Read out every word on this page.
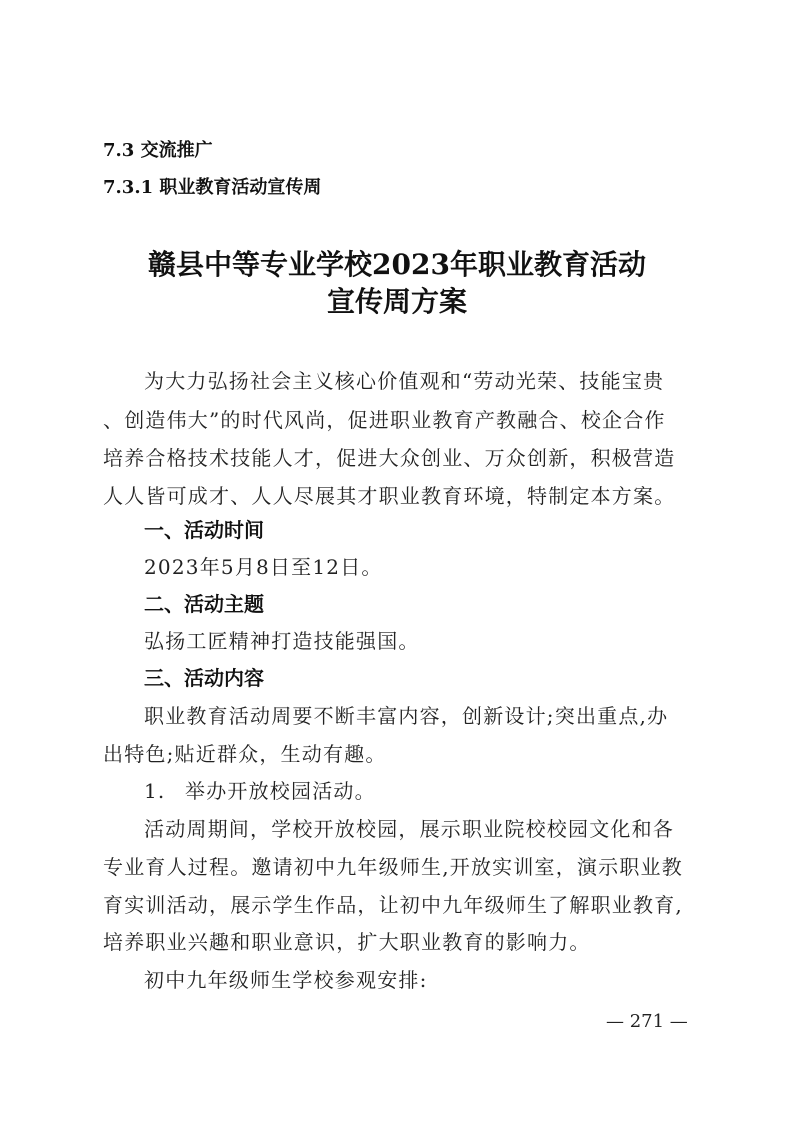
7.3 交流推广
7.3.1 职业教育活动宣传周
赣县中等专业学校2023年职业教育活动
宣传周方案
为大力弘扬社会主义核心价值观和“劳动光荣、技能宝贵
、创造伟大”的时代风尚，促进职业教育产教融合、校企合作
培养合格技术技能人才，促进大众创业、万众创新，积极营造
人人皆可成才、人人尽展其才职业教育环境，特制定本方案。
一、活动时间
2023年5月8日至12日。
二、活动主题
弘扬工匠精神打造技能强国。
三、活动内容
职业教育活动周要不断丰富内容，创新设计;突出重点,办
出特色;贴近群众，生动有趣。
1. 举办开放校园活动。
活动周期间，学校开放校园，展示职业院校校园文化和各
专业育人过程。邀请初中九年级师生,开放实训室，演示职业教
育实训活动，展示学生作品，让初中九年级师生了解职业教育,
培养职业兴趣和职业意识，扩大职业教育的影响力。
初中九年级师生学校参观安排:
— 271 —
